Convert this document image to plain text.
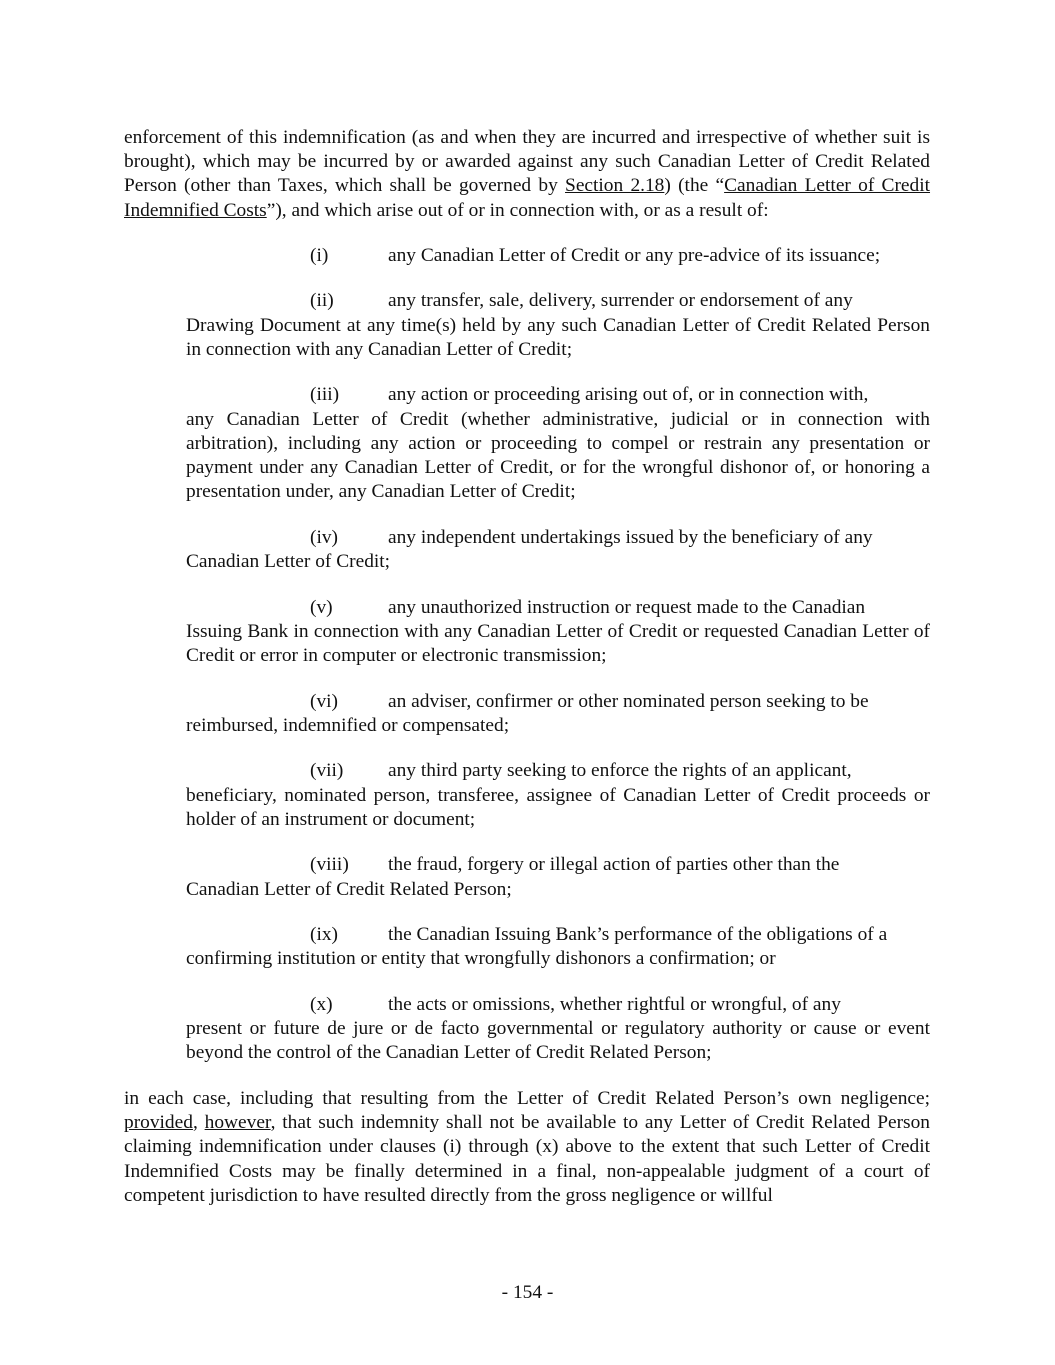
enforcement of this indemnification (as and when they are incurred and irrespective of whether suit is brought), which may be incurred by or awarded against any such Canadian Letter of Credit Related Person (other than Taxes, which shall be governed by Section 2.18) (the “Canadian Letter of Credit Indemnified Costs”), and which arise out of or in connection with, or as a result of:

(i)	any Canadian Letter of Credit or any pre-advice of its issuance;

(ii)	any transfer, sale, delivery, surrender or endorsement of any
Drawing Document at any time(s) held by any such Canadian Letter of Credit Related Person in connection with any Canadian Letter of Credit;

(iii)	any action or proceeding arising out of, or in connection with,
any Canadian Letter of Credit (whether administrative, judicial or in connection with arbitration), including any action or proceeding to compel or restrain any presentation or payment under any Canadian Letter of Credit, or for the wrongful dishonor of, or honoring a presentation under, any Canadian Letter of Credit;

(iv)	any independent undertakings issued by the beneficiary of any
Canadian Letter of Credit;

(v)	any unauthorized instruction or request made to the Canadian
Issuing Bank in connection with any Canadian Letter of Credit or requested Canadian Letter of Credit or error in computer or electronic transmission;

(vi)	an adviser, confirmer or other nominated person seeking to be
reimbursed, indemnified or compensated;

(vii) any third party seeking to enforce the rights of an applicant,
beneficiary, nominated person, transferee, assignee of Canadian Letter of Credit proceeds or holder of an instrument or document;

(viii) the fraud, forgery or illegal action of parties other than the
Canadian Letter of Credit Related Person;

(ix)	the Canadian Issuing Bank’s performance of the obligations of a
confirming institution or entity that wrongfully dishonors a confirmation; or

(x)	the acts or omissions, whether rightful or wrongful, of any
present or future de jure or de facto governmental or regulatory authority or cause or event beyond the control of the Canadian Letter of Credit Related Person;

in each case, including that resulting from the Letter of Credit Related Person’s own negligence; provided, however, that such indemnity shall not be available to any Letter of Credit Related Person claiming indemnification under clauses (i) through (x) above to the extent that such Letter of Credit Indemnified Costs may be finally determined in a final, non-appealable judgment of a court of competent jurisdiction to have resulted directly from the gross negligence or willful

- 154 -
